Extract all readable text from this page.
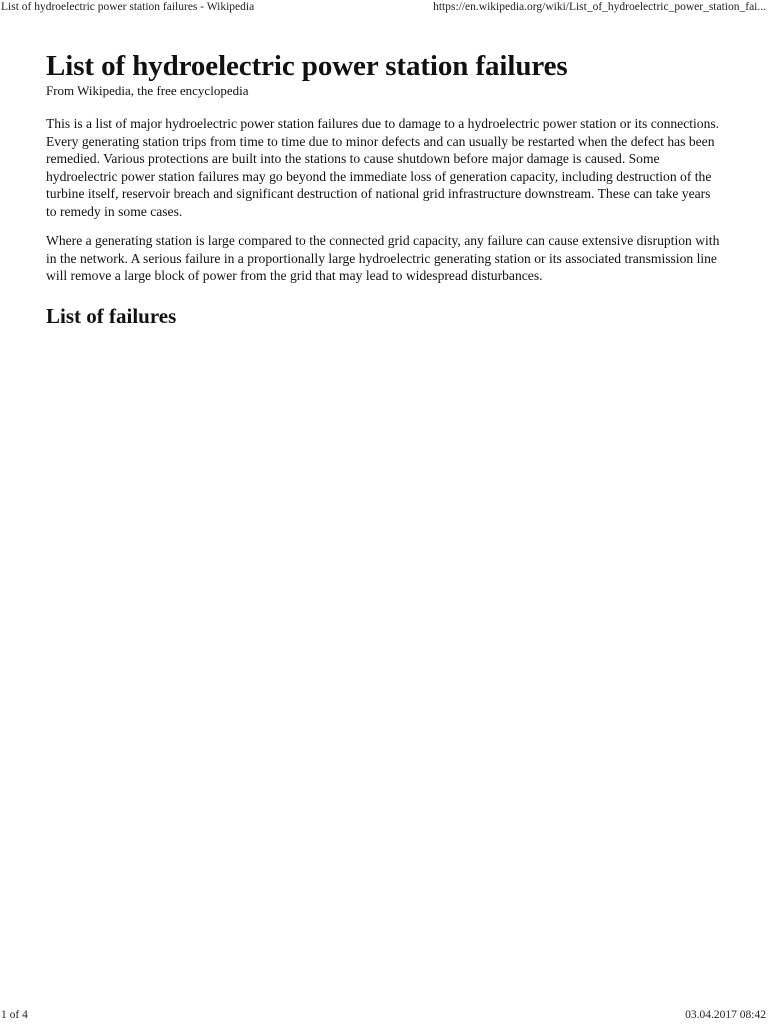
List of hydroelectric power station failures - Wikipedia	https://en.wikipedia.org/wiki/List_of_hydroelectric_power_station_fai...
List of hydroelectric power station failures
From Wikipedia, the free encyclopedia

This is a list of major hydroelectric power station failures due to damage to a hydroelectric power station or its connections. Every generating station trips from time to time due to minor defects and can usually be restarted when the defect has been remedied. Various protections are built into the stations to cause shutdown before major damage is caused. Some hydroelectric power station failures may go beyond the immediate loss of generation capacity, including destruction of the turbine itself, reservoir breach and significant destruction of national grid infrastructure downstream. These can take years to remedy in some cases.

Where a generating station is large compared to the connected grid capacity, any failure can cause extensive disruption with in the network. A serious failure in a proportionally large hydroelectric generating station or its associated transmission line will remove a large block of power from the grid that may lead to widespread disturbances.

List of failures
1 of 4	03.04.2017 08:42
